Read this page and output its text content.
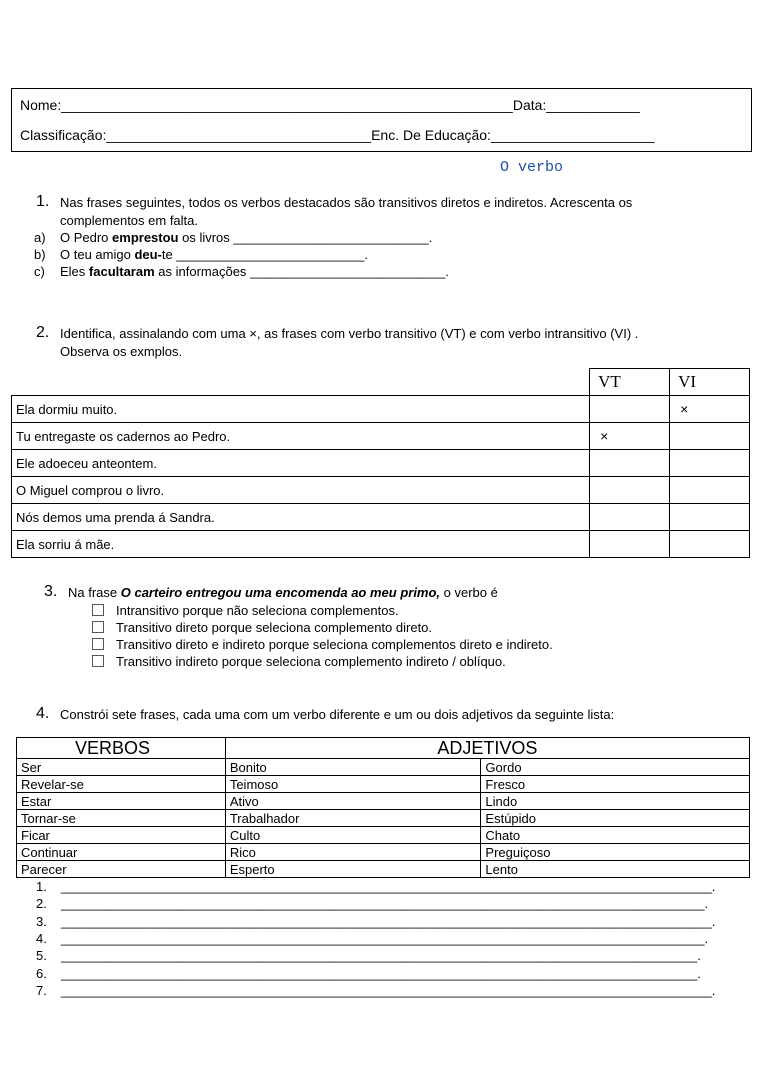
Nome:__________________________________________________________Data:____________
Classificação:__________________________________Enc. De Educação:_____________________
O verbo
1. Nas frases seguintes, todos os verbos destacados são transitivos diretos e indiretos. Acrescenta os
complementos em falta.
a) O Pedro emprestou os livros ___________________________.
b) O teu amigo deu-te __________________________.
c) Eles facultaram as informações ___________________________.
2. Identifica, assinalando com uma ×, as frases com verbo transitivo (VT) e com verbo intransitivo (VI) .
Observa os exmplos.
	VT	VI
Ela dormiu muito.		×
Tu entregaste os cadernos ao Pedro.	×	
Ele adoeceu anteontem.		
O Miguel comprou o livro.		
Nós demos uma prenda á Sandra.		
Ela sorriu á mãe.		
3. Na frase O carteiro entregou uma encomenda ao meu primo, o verbo é
Intransitivo porque não seleciona complementos.
Transitivo direto porque seleciona complemento direto.
Transitivo direto e indireto porque seleciona complementos direto e indireto.
Transitivo indireto porque seleciona complemento indireto / oblíquo.
4. Constrói sete frases, cada uma com um verbo diferente e um ou dois adjetivos da seguinte lista:
VERBOS	ADJETIVOS	
Ser	Bonito	Gordo
Revelar-se	Teimoso	Fresco
Estar	Ativo	Lindo
Tornar-se	Trabalhador	Estúpido
Ficar	Culto	Chato
Continuar	Rico	Preguiçoso
Parecer	Esperto	Lento
1. __________________________________________________________________________________________.
2. _________________________________________________________________________________________.
3. __________________________________________________________________________________________.
4. _________________________________________________________________________________________.
5. ________________________________________________________________________________________.
6. ________________________________________________________________________________________.
7. __________________________________________________________________________________________.
